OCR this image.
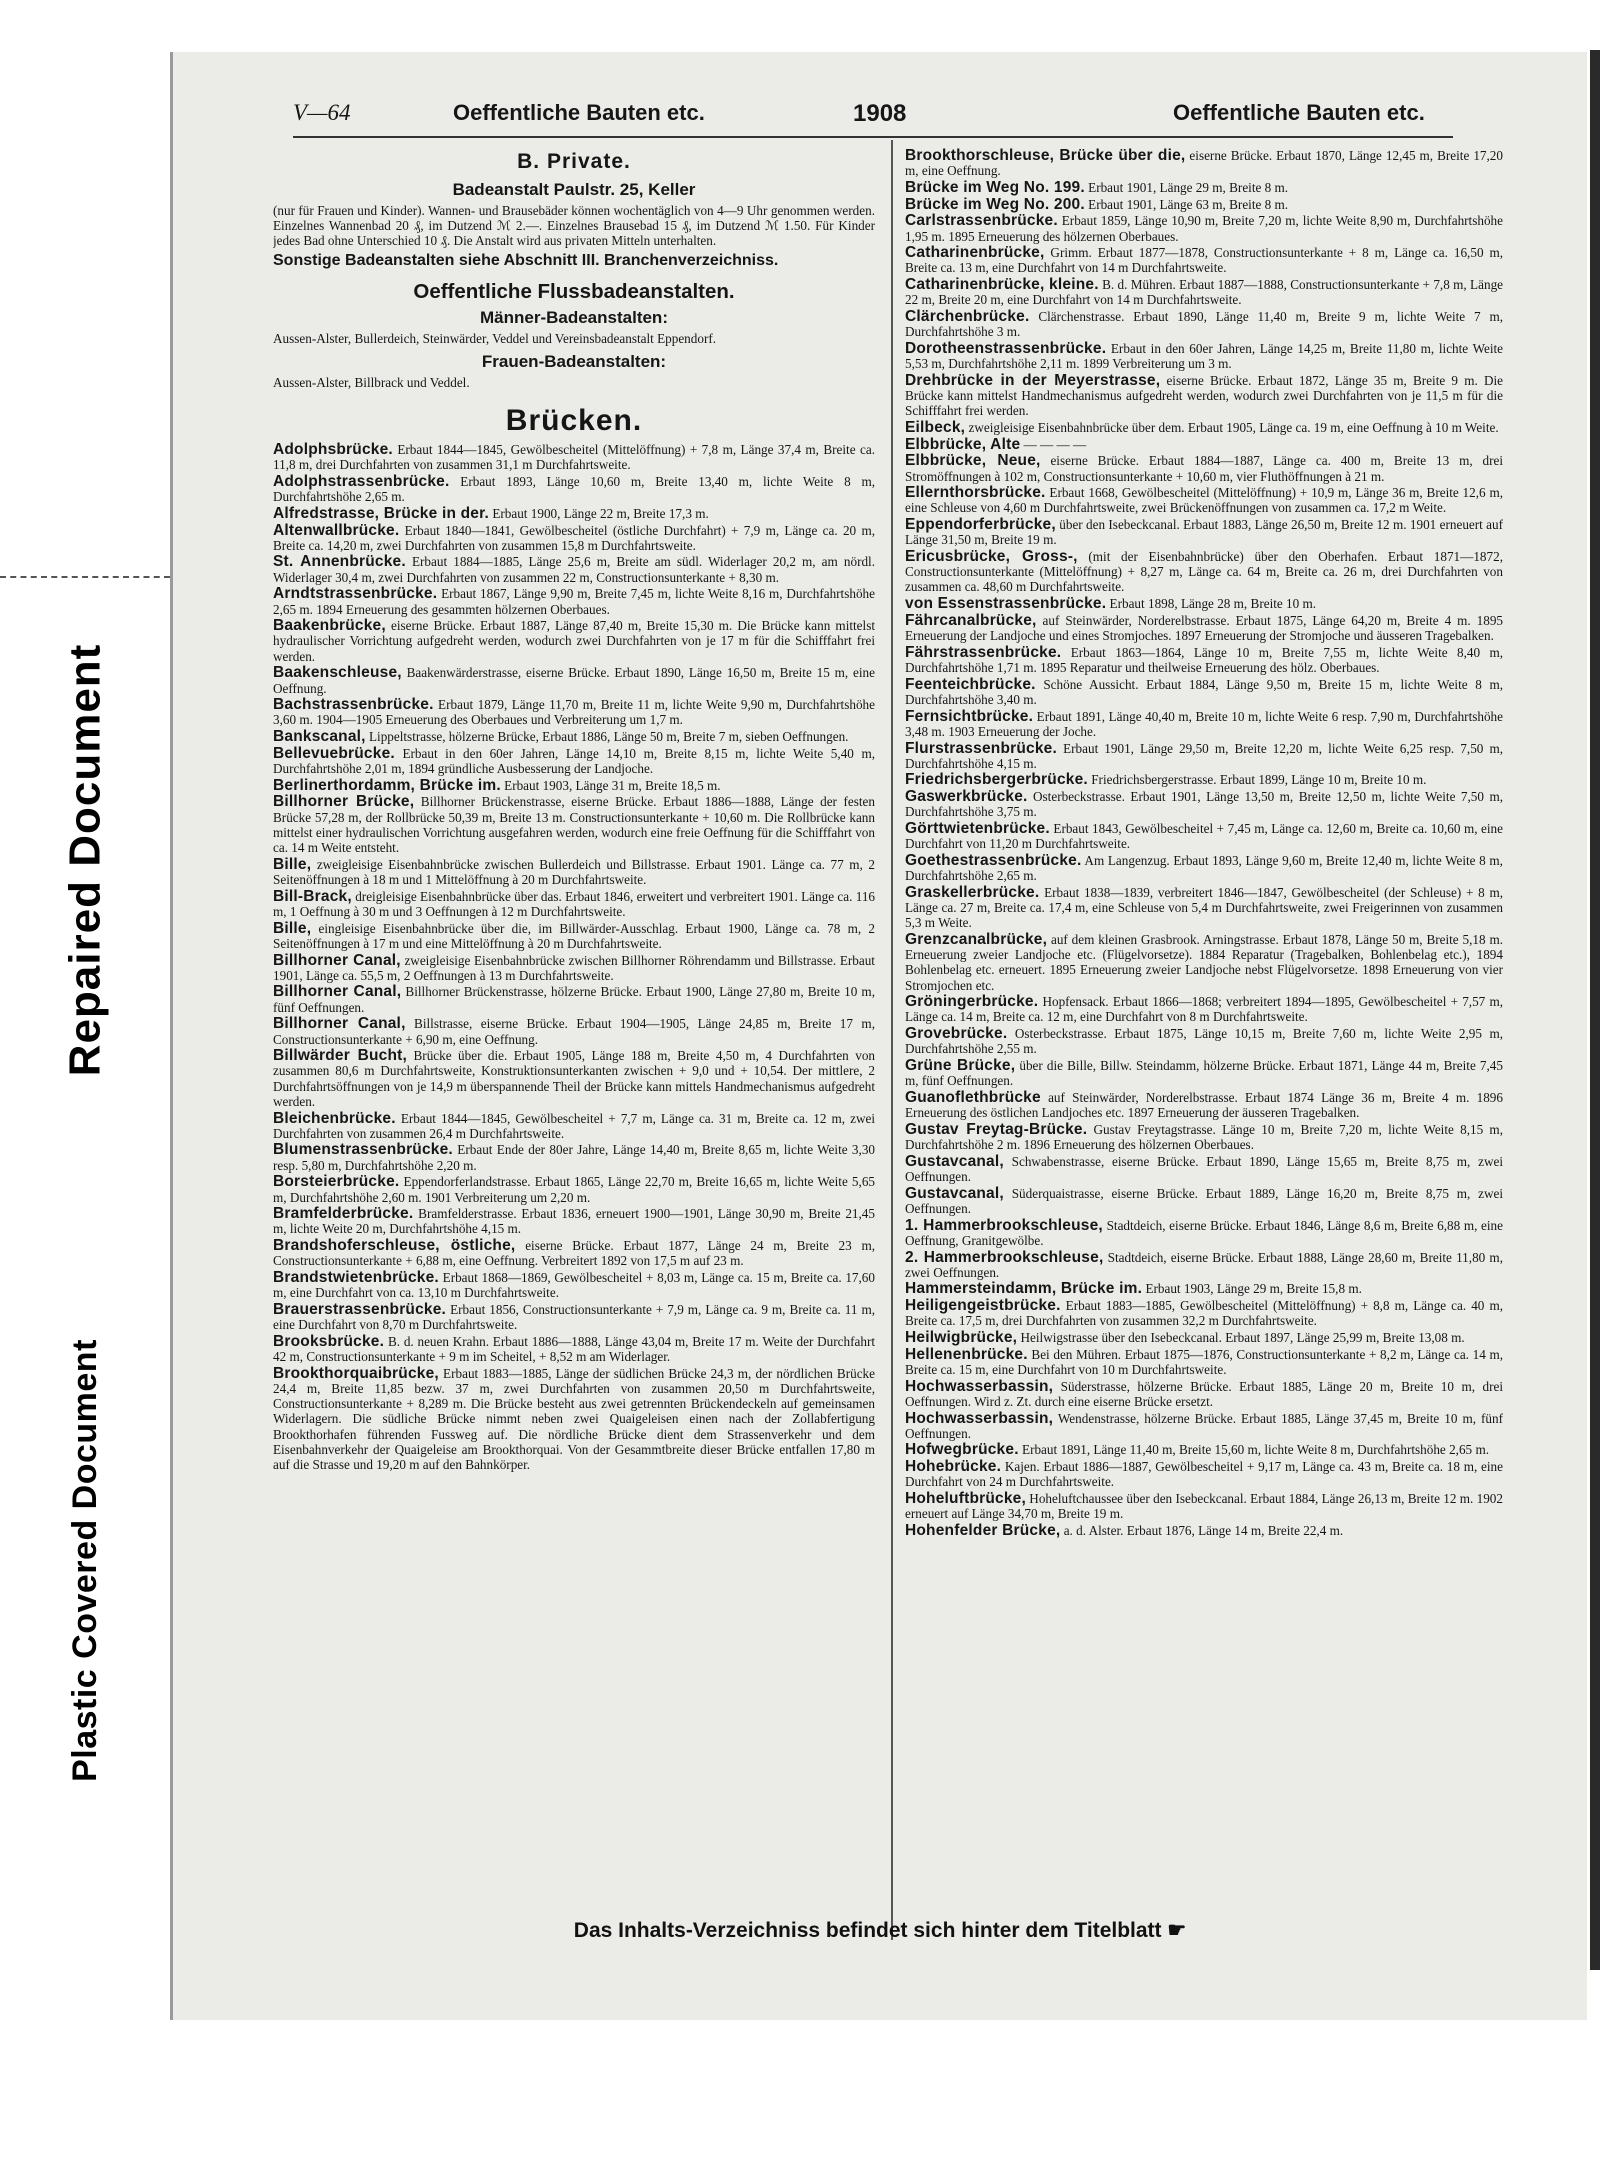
Repaired Document
Plastic Covered Document
V—64	Oeffentliche Bauten etc.	1908	Oeffentliche Bauten etc.
B. Private.
Badeanstalt Paulstr. 25, Keller
(nur für Frauen und Kinder). Wannen- und Brausebäder können wochentäglich von 4—9 Uhr genommen werden. Einzelnes Wannenbad 20 ₰, im Dutzend ℳ 2.—. Einzelnes Brausebad 15 ₰, im Dutzend ℳ 1.50. Für Kinder jedes Bad ohne Unterschied 10 ₰. Die Anstalt wird aus privaten Mitteln unterhalten.
Sonstige Badeanstalten siehe Abschnitt III. Branchenverzeichniss.
Oeffentliche Flussbadeanstalten.
Männer-Badeanstalten:
Aussen-Alster, Bullerdeich, Steinwärder, Veddel und Vereinsbadeanstalt Eppendorf.
Frauen-Badeanstalten:
Aussen-Alster, Billbrack und Veddel.
Brücken.
Adolphsbrücke. Erbaut 1844—1845, Gewölbescheitel (Mittelöffnung) + 7,8 m, Länge 37,4 m, Breite ca. 11,8 m, drei Durchfahrten von zusammen 31,1 m Durchfahrtsweite.
Adolphstrassenbrücke. Erbaut 1893, Länge 10,60 m, Breite 13,40 m, lichte Weite 8 m, Durchfahrtshöhe 2,65 m.
Alfredstrasse, Brücke in der. Erbaut 1900, Länge 22 m, Breite 17,3 m.
Altenwallbrücke. Erbaut 1840—1841, Gewölbescheitel (östliche Durchfahrt) + 7,9 m, Länge ca. 20 m, Breite ca. 14,20 m, zwei Durchfahrten von zusammen 15,8 m Durchfahrtsweite.
St. Annenbrücke. Erbaut 1884—1885, Länge 25,6 m, Breite am südl. Widerlager 20,2 m, am nördl. Widerlager 30,4 m, zwei Durchfahrten von zusammen 22 m, Constructionsunterkante + 8,30 m.
Arndtstrassenbrücke. Erbaut 1867, Länge 9,90 m, Breite 7,45 m, lichte Weite 8,16 m, Durchfahrtshöhe 2,65 m. 1894 Erneuerung des gesammten hölzernen Oberbaues.
Baakenbrücke, eiserne Brücke. Erbaut 1887, Länge 87,40 m, Breite 15,30 m. Die Brücke kann mittelst hydraulischer Vorrichtung aufgedreht werden, wodurch zwei Durchfahrten von je 17 m für die Schifffahrt frei werden.
Baakenschleuse, Baakenwärderstrasse, eiserne Brücke. Erbaut 1890, Länge 16,50 m, Breite 15 m, eine Oeffnung.
Bachstrassenbrücke. Erbaut 1879, Länge 11,70 m, Breite 11 m, lichte Weite 9,90 m, Durchfahrtshöhe 3,60 m. 1904—1905 Erneuerung des Oberbaues und Verbreiterung um 1,7 m.
Bankscanal, Lippeltstrasse, hölzerne Brücke, Erbaut 1886, Länge 50 m, Breite 7 m, sieben Oeffnungen.
Bellevuebrücke. Erbaut in den 60er Jahren, Länge 14,10 m, Breite 8,15 m, lichte Weite 5,40 m, Durchfahrtshöhe 2,01 m, 1894 gründliche Ausbesserung der Landjoche.
Berlinerthordamm, Brücke im. Erbaut 1903, Länge 31 m, Breite 18,5 m.
Billhorner Brücke, Billhorner Brückenstrasse, eiserne Brücke. Erbaut 1886—1888, Länge der festen Brücke 57,28 m, der Rollbrücke 50,39 m, Breite 13 m. Constructionsunterkante + 10,60 m. Die Rollbrücke kann mittelst einer hydraulischen Vorrichtung ausgefahren werden, wodurch eine freie Oeffnung für die Schifffahrt von ca. 14 m Weite entsteht.
Bille, zweigleisige Eisenbahnbrücke zwischen Bullerdeich und Billstrasse. Erbaut 1901. Länge ca. 77 m, 2 Seitenöffnungen à 18 m und 1 Mittelöffnung à 20 m Durchfahrtsweite.
Bill-Brack, dreigleisige Eisenbahnbrücke über das. Erbaut 1846, erweitert und verbreitert 1901. Länge ca. 116 m, 1 Oeffnung à 30 m und 3 Oeffnungen à 12 m Durchfahrtsweite.
Bille, eingleisige Eisenbahnbrücke über die, im Billwärder-Ausschlag. Erbaut 1900, Länge ca. 78 m, 2 Seitenöffnungen à 17 m und eine Mittelöffnung à 20 m Durchfahrtsweite.
Billhorner Canal, zweigleisige Eisenbahnbrücke zwischen Billhorner Röhrendamm und Billstrasse. Erbaut 1901, Länge ca. 55,5 m, 2 Oeffnungen à 13 m Durchfahrtsweite.
Billhorner Canal, Billhorner Brückenstrasse, hölzerne Brücke. Erbaut 1900, Länge 27,80 m, Breite 10 m, fünf Oeffnungen.
Billhorner Canal, Billstrasse, eiserne Brücke. Erbaut 1904—1905, Länge 24,85 m, Breite 17 m, Constructionsunterkante + 6,90 m, eine Oeffnung.
Billwärder Bucht, Brücke über die. Erbaut 1905, Länge 188 m, Breite 4,50 m, 4 Durchfahrten von zusammen 80,6 m Durchfahrtsweite, Konstruktionsunterkanten zwischen + 9,0 und + 10,54. Der mittlere, 2 Durchfahrtsöffnungen von je 14,9 m überspannende Theil der Brücke kann mittels Handmechanismus aufgedreht werden.
Bleichenbrücke. Erbaut 1844—1845, Gewölbescheitel + 7,7 m, Länge ca. 31 m, Breite ca. 12 m, zwei Durchfahrten von zusammen 26,4 m Durchfahrtsweite.
Blumenstrassenbrücke. Erbaut Ende der 80er Jahre, Länge 14,40 m, Breite 8,65 m, lichte Weite 3,30 resp. 5,80 m, Durchfahrtshöhe 2,20 m.
Borsteierbrücke. Eppendorferlandstrasse. Erbaut 1865, Länge 22,70 m, Breite 16,65 m, lichte Weite 5,65 m, Durchfahrtshöhe 2,60 m. 1901 Verbreiterung um 2,20 m.
Bramfelderbrücke. Bramfelderstrasse. Erbaut 1836, erneuert 1900—1901, Länge 30,90 m, Breite 21,45 m, lichte Weite 20 m, Durchfahrtshöhe 4,15 m.
Brandshoferschleuse, östliche, eiserne Brücke. Erbaut 1877, Länge 24 m, Breite 23 m, Constructionsunterkante + 6,88 m, eine Oeffnung. Verbreitert 1892 von 17,5 m auf 23 m.
Brandstwietenbrücke. Erbaut 1868—1869, Gewölbescheitel + 8,03 m, Länge ca. 15 m, Breite ca. 17,60 m, eine Durchfahrt von ca. 13,10 m Durchfahrtsweite.
Brauerstrassenbrücke. Erbaut 1856, Constructionsunterkante + 7,9 m, Länge ca. 9 m, Breite ca. 11 m, eine Durchfahrt von 8,70 m Durchfahrtsweite.
Brooksbrücke. B. d. neuen Krahn. Erbaut 1886—1888, Länge 43,04 m, Breite 17 m. Weite der Durchfahrt 42 m, Constructionsunterkante + 9 m im Scheitel, + 8,52 m am Widerlager.
Brookthorquaibrücke, Erbaut 1883—1885, Länge der südlichen Brücke 24,3 m, der nördlichen Brücke 24,4 m, Breite 11,85 bezw. 37 m, zwei Durchfahrten von zusammen 20,50 m Durchfahrtsweite, Constructionsunterkante + 8,289 m. Die Brücke besteht aus zwei getrennten Brückendeckeln auf gemeinsamen Widerlagern. Die südliche Brücke nimmt neben zwei Quaigeleisen einen nach der Zollabfertigung Brookthorhafen führenden Fussweg auf. Die nördliche Brücke dient dem Strassenverkehr und dem Eisenbahnverkehr der Quaigeleise am Brookthorquai. Von der Gesammtbreite dieser Brücke entfallen 17,80 m auf die Strasse und 19,20 m auf den Bahnkörper.
Brookthorschleuse, Brücke über die, eiserne Brücke. Erbaut 1870, Länge 12,45 m, Breite 17,20 m, eine Oeffnung.
Brücke im Weg No. 199. Erbaut 1901, Länge 29 m, Breite 8 m.
Brücke im Weg No. 200. Erbaut 1901, Länge 63 m, Breite 8 m.
Carlstrassenbrücke. Erbaut 1859, Länge 10,90 m, Breite 7,20 m, lichte Weite 8,90 m, Durchfahrtshöhe 1,95 m. 1895 Erneuerung des hölzernen Oberbaues.
Catharinenbrücke, Grimm. Erbaut 1877—1878, Constructionsunterkante + 8 m, Länge ca. 16,50 m, Breite ca. 13 m, eine Durchfahrt von 14 m Durchfahrtsweite.
Catharinenbrücke, kleine. B. d. Mühren. Erbaut 1887—1888, Constructionsunterkante + 7,8 m, Länge 22 m, Breite 20 m, eine Durchfahrt von 14 m Durchfahrtsweite.
Clärchenbrücke. Clärchenstrasse. Erbaut 1890, Länge 11,40 m, Breite 9 m, lichte Weite 7 m, Durchfahrtshöhe 3 m.
Dorotheenstrassenbrücke. Erbaut in den 60er Jahren, Länge 14,25 m, Breite 11,80 m, lichte Weite 5,53 m, Durchfahrtshöhe 2,11 m. 1899 Verbreiterung um 3 m.
Drehbrücke in der Meyerstrasse, eiserne Brücke. Erbaut 1872, Länge 35 m, Breite 9 m. Die Brücke kann mittelst Handmechanismus aufgedreht werden, wodurch zwei Durchfahrten von je 11,5 m für die Schifffahrt frei werden.
Eilbeck, zweigleisige Eisenbahnbrücke über dem. Erbaut 1905, Länge ca. 19 m, eine Oeffnung à 10 m Weite.
Elbbrücke, Alte — — — —
Elbbrücke, Neue, eiserne Brücke. Erbaut 1884—1887, Länge ca. 400 m, Breite 13 m, drei Stromöffnungen à 102 m, Constructionsunterkante + 10,60 m, vier Fluthöffnungen à 21 m.
Ellernthorsbrücke. Erbaut 1668, Gewölbescheitel (Mittelöffnung) + 10,9 m, Länge 36 m, Breite 12,6 m, eine Schleuse von 4,60 m Durchfahrtsweite, zwei Brückenöffnungen von zusammen ca. 17,2 m Weite.
Eppendorferbrücke, über den Isebeckcanal. Erbaut 1883, Länge 26,50 m, Breite 12 m. 1901 erneuert auf Länge 31,50 m, Breite 19 m.
Ericusbrücke, Gross-, (mit der Eisenbahnbrücke) über den Oberhafen. Erbaut 1871—1872, Constructionsunterkante (Mittelöffnung) + 8,27 m, Länge ca. 64 m, Breite ca. 26 m, drei Durchfahrten von zusammen ca. 48,60 m Durchfahrtsweite.
von Essenstrassenbrücke. Erbaut 1898, Länge 28 m, Breite 10 m.
Fährcanalbrücke, auf Steinwärder, Norderelbstrasse. Erbaut 1875, Länge 64,20 m, Breite 4 m. 1895 Erneuerung der Landjoche und eines Stromjoches. 1897 Erneuerung der Stromjoche und äusseren Tragebalken.
Fährstrassenbrücke. Erbaut 1863—1864, Länge 10 m, Breite 7,55 m, lichte Weite 8,40 m, Durchfahrtshöhe 1,71 m. 1895 Reparatur und theilweise Erneuerung des hölz. Oberbaues.
Feenteichbrücke. Schöne Aussicht. Erbaut 1884, Länge 9,50 m, Breite 15 m, lichte Weite 8 m, Durchfahrtshöhe 3,40 m.
Fernsichtbrücke. Erbaut 1891, Länge 40,40 m, Breite 10 m, lichte Weite 6 resp. 7,90 m, Durchfahrtshöhe 3,48 m. 1903 Erneuerung der Joche.
Flurstrassenbrücke. Erbaut 1901, Länge 29,50 m, Breite 12,20 m, lichte Weite 6,25 resp. 7,50 m, Durchfahrtshöhe 4,15 m.
Friedrichsbergerbrücke. Friedrichsbergerstrasse. Erbaut 1899, Länge 10 m, Breite 10 m.
Gaswerkbrücke. Osterbeckstrasse. Erbaut 1901, Länge 13,50 m, Breite 12,50 m, lichte Weite 7,50 m, Durchfahrtshöhe 3,75 m.
Görttwietenbrücke. Erbaut 1843, Gewölbescheitel + 7,45 m, Länge ca. 12,60 m, Breite ca. 10,60 m, eine Durchfahrt von 11,20 m Durchfahrtsweite.
Goethestrassenbrücke. Am Langenzug. Erbaut 1893, Länge 9,60 m, Breite 12,40 m, lichte Weite 8 m, Durchfahrtshöhe 2,65 m.
Graskellerbrücke. Erbaut 1838—1839, verbreitert 1846—1847, Gewölbescheitel (der Schleuse) + 8 m, Länge ca. 27 m, Breite ca. 17,4 m, eine Schleuse von 5,4 m Durchfahrtsweite, zwei Freigerinnen von zusammen 5,3 m Weite.
Grenzcanalbrücke, auf dem kleinen Grasbrook. Arningstrasse. Erbaut 1878, Länge 50 m, Breite 5,18 m. Erneuerung zweier Landjoche etc. (Flügelvorsetze). 1884 Reparatur (Tragebalken, Bohlenbelag etc.), 1894 Bohlenbelag etc. erneuert. 1895 Erneuerung zweier Landjoche nebst Flügelvorsetze. 1898 Erneuerung von vier Stromjochen etc.
Gröningerbrücke. Hopfensack. Erbaut 1866—1868; verbreitert 1894—1895, Gewölbescheitel + 7,57 m, Länge ca. 14 m, Breite ca. 12 m, eine Durchfahrt von 8 m Durchfahrtsweite.
Grovebrücke. Osterbeckstrasse. Erbaut 1875, Länge 10,15 m, Breite 7,60 m, lichte Weite 2,95 m, Durchfahrtshöhe 2,55 m.
Grüne Brücke, über die Bille, Billw. Steindamm, hölzerne Brücke. Erbaut 1871, Länge 44 m, Breite 7,45 m, fünf Oeffnungen.
Guanoflethbrücke auf Steinwärder, Norderelbstrasse. Erbaut 1874 Länge 36 m, Breite 4 m. 1896 Erneuerung des östlichen Landjoches etc. 1897 Erneuerung der äusseren Tragebalken.
Gustav Freytag-Brücke. Gustav Freytagstrasse. Länge 10 m, Breite 7,20 m, lichte Weite 8,15 m, Durchfahrtshöhe 2 m. 1896 Erneuerung des hölzernen Oberbaues.
Gustavcanal, Schwabenstrasse, eiserne Brücke. Erbaut 1890, Länge 15,65 m, Breite 8,75 m, zwei Oeffnungen.
Gustavcanal, Süderquaistrasse, eiserne Brücke. Erbaut 1889, Länge 16,20 m, Breite 8,75 m, zwei Oeffnungen.
1. Hammerbrookschleuse, Stadtdeich, eiserne Brücke. Erbaut 1846, Länge 8,6 m, Breite 6,88 m, eine Oeffnung, Granitgewölbe.
2. Hammerbrookschleuse, Stadtdeich, eiserne Brücke. Erbaut 1888, Länge 28,60 m, Breite 11,80 m, zwei Oeffnungen.
Hammersteindamm, Brücke im. Erbaut 1903, Länge 29 m, Breite 15,8 m.
Heiligengeistbrücke. Erbaut 1883—1885, Gewölbescheitel (Mittelöffnung) + 8,8 m, Länge ca. 40 m, Breite ca. 17,5 m, drei Durchfahrten von zusammen 32,2 m Durchfahrtsweite.
Heilwigbrücke, Heilwigstrasse über den Isebeckcanal. Erbaut 1897, Länge 25,99 m, Breite 13,08 m.
Hellenenbrücke. Bei den Mühren. Erbaut 1875—1876, Constructionsunterkante + 8,2 m, Länge ca. 14 m, Breite ca. 15 m, eine Durchfahrt von 10 m Durchfahrtsweite.
Hochwasserbassin, Süderstrasse, hölzerne Brücke. Erbaut 1885, Länge 20 m, Breite 10 m, drei Oeffnungen. Wird z. Zt. durch eine eiserne Brücke ersetzt.
Hochwasserbassin, Wendenstrasse, hölzerne Brücke. Erbaut 1885, Länge 37,45 m, Breite 10 m, fünf Oeffnungen.
Hofwegbrücke. Erbaut 1891, Länge 11,40 m, Breite 15,60 m, lichte Weite 8 m, Durchfahrtshöhe 2,65 m.
Hohebrücke. Kajen. Erbaut 1886—1887, Gewölbescheitel + 9,17 m, Länge ca. 43 m, Breite ca. 18 m, eine Durchfahrt von 24 m Durchfahrtsweite.
Hoheluftbrücke, Hoheluftchaussee über den Isebeckcanal. Erbaut 1884, Länge 26,13 m, Breite 12 m. 1902 erneuert auf Länge 34,70 m, Breite 19 m.
Hohenfelder Brücke, a. d. Alster. Erbaut 1876, Länge 14 m, Breite 22,4 m.
Das Inhalts-Verzeichniss befindet sich hinter dem Titelblatt ☛
